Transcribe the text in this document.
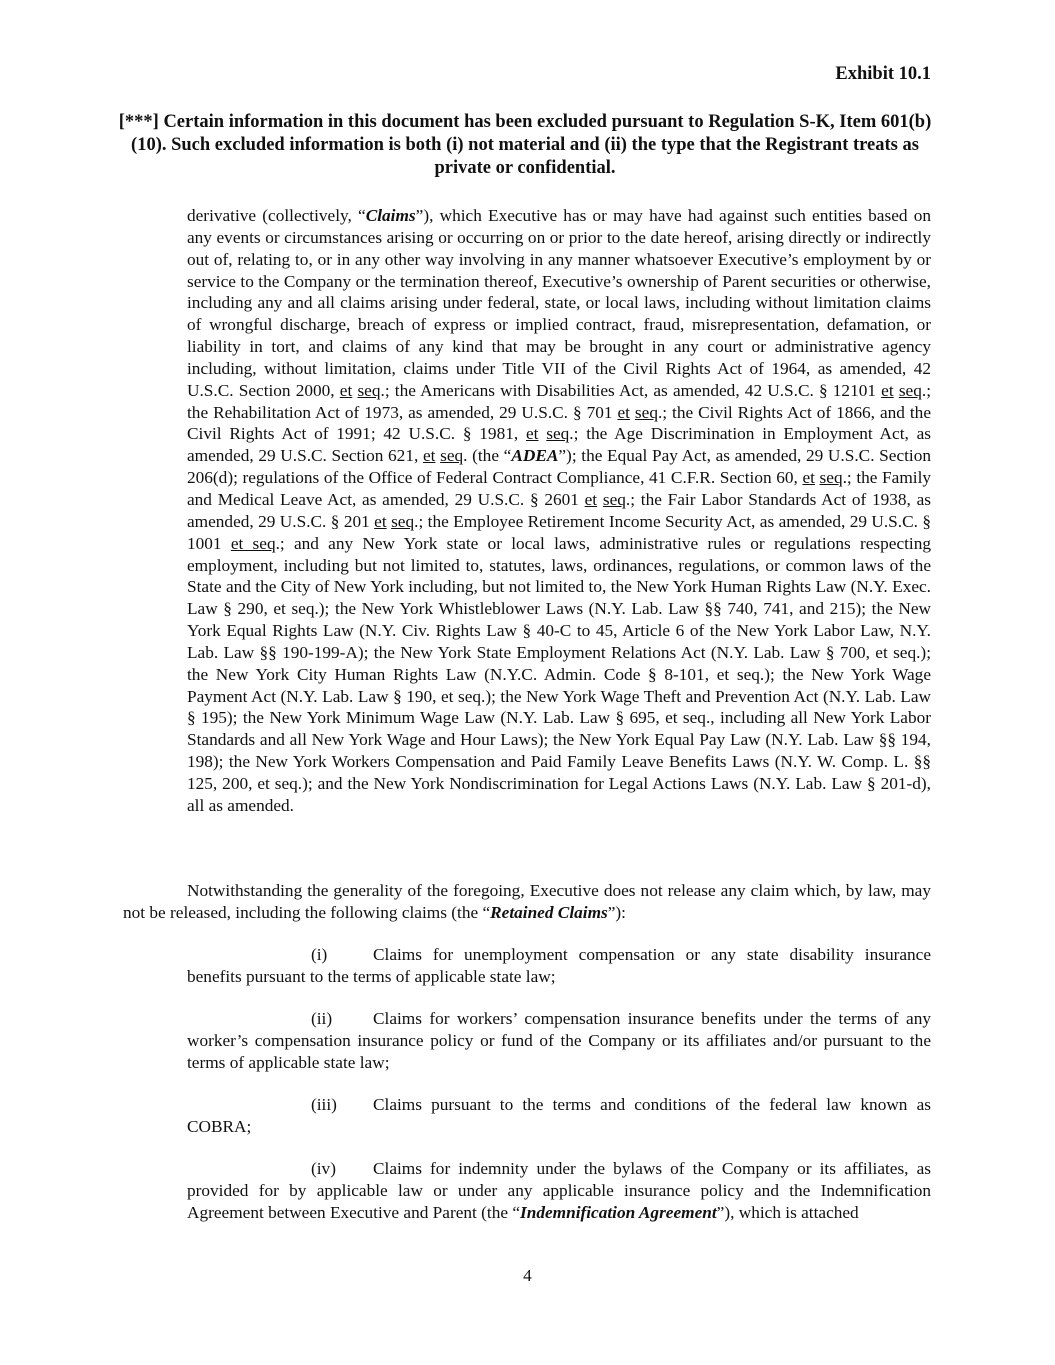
Exhibit 10.1
[***] Certain information in this document has been excluded pursuant to Regulation S-K, Item 601(b)(10). Such excluded information is both (i) not material and (ii) the type that the Registrant treats as private or confidential.
derivative (collectively, “Claims”), which Executive has or may have had against such entities based on any events or circumstances arising or occurring on or prior to the date hereof, arising directly or indirectly out of, relating to, or in any other way involving in any manner whatsoever Executive’s employment by or service to the Company or the termination thereof, Executive’s ownership of Parent securities or otherwise, including any and all claims arising under federal, state, or local laws, including without limitation claims of wrongful discharge, breach of express or implied contract, fraud, misrepresentation, defamation, or liability in tort, and claims of any kind that may be brought in any court or administrative agency including, without limitation, claims under Title VII of the Civil Rights Act of 1964, as amended, 42 U.S.C. Section 2000, et seq.; the Americans with Disabilities Act, as amended, 42 U.S.C. § 12101 et seq.; the Rehabilitation Act of 1973, as amended, 29 U.S.C. § 701 et seq.; the Civil Rights Act of 1866, and the Civil Rights Act of 1991; 42 U.S.C. § 1981, et seq.; the Age Discrimination in Employment Act, as amended, 29 U.S.C. Section 621, et seq. (the “ADEA”); the Equal Pay Act, as amended, 29 U.S.C. Section 206(d); regulations of the Office of Federal Contract Compliance, 41 C.F.R. Section 60, et seq.; the Family and Medical Leave Act, as amended, 29 U.S.C. § 2601 et seq.; the Fair Labor Standards Act of 1938, as amended, 29 U.S.C. § 201 et seq.; the Employee Retirement Income Security Act, as amended, 29 U.S.C. § 1001 et seq.; and any New York state or local laws, administrative rules or regulations respecting employment, including but not limited to, statutes, laws, ordinances, regulations, or common laws of the State and the City of New York including, but not limited to, the New York Human Rights Law (N.Y. Exec. Law § 290, et seq.); the New York Whistleblower Laws (N.Y. Lab. Law §§ 740, 741, and 215); the New York Equal Rights Law (N.Y. Civ. Rights Law § 40-C to 45, Article 6 of the New York Labor Law, N.Y. Lab. Law §§ 190-199-A); the New York State Employment Relations Act (N.Y. Lab. Law § 700, et seq.); the New York City Human Rights Law (N.Y.C. Admin. Code § 8-101, et seq.); the New York Wage Payment Act (N.Y. Lab. Law § 190, et seq.); the New York Wage Theft and Prevention Act (N.Y. Lab. Law § 195); the New York Minimum Wage Law (N.Y. Lab. Law § 695, et seq., including all New York Labor Standards and all New York Wage and Hour Laws); the New York Equal Pay Law (N.Y. Lab. Law §§ 194, 198); the New York Workers Compensation and Paid Family Leave Benefits Laws (N.Y. W. Comp. L. §§ 125, 200, et seq.); and the New York Nondiscrimination for Legal Actions Laws (N.Y. Lab. Law § 201-d), all as amended.
Notwithstanding the generality of the foregoing, Executive does not release any claim which, by law, may not be released, including the following claims (the “Retained Claims”):
(i)	Claims for unemployment compensation or any state disability insurance benefits pursuant to the terms of applicable state law;
(ii) Claims for workers’ compensation insurance benefits under the terms of any worker’s compensation insurance policy or fund of the Company or its affiliates and/or pursuant to the terms of applicable state law;
(iii) Claims pursuant to the terms and conditions of the federal law known as COBRA;
(iv) Claims for indemnity under the bylaws of the Company or its affiliates, as provided for by applicable law or under any applicable insurance policy and the Indemnification Agreement between Executive and Parent (the “Indemnification Agreement”), which is attached
4
